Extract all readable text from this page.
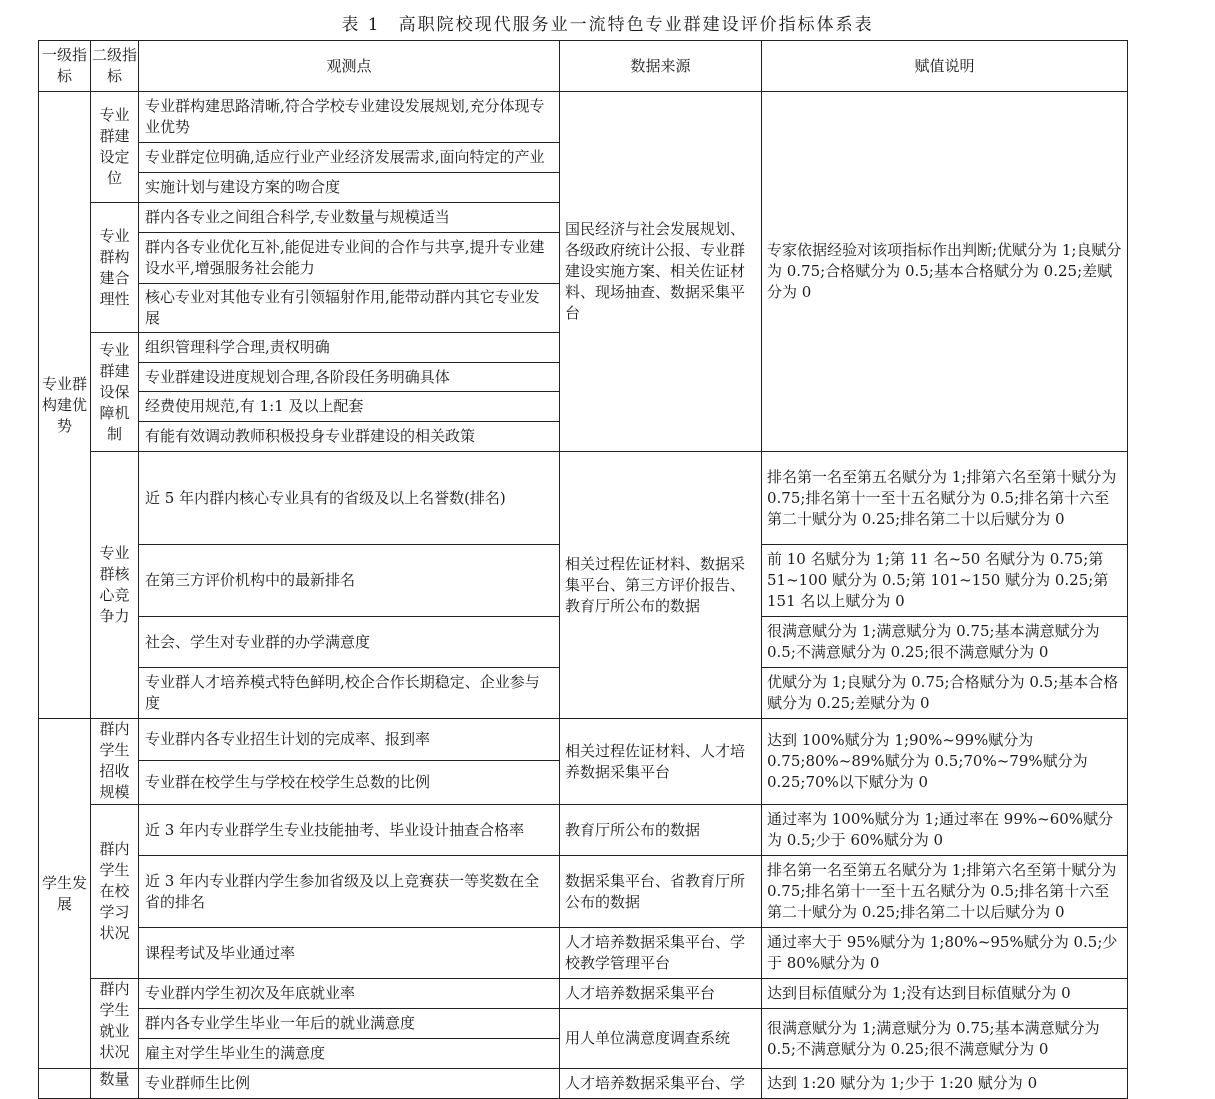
表 1 高职院校现代服务业一流特色专业群建设评价指标体系表
一级指标	二级指标	观测点	数据来源	赋值说明
专业群构建优势	专业群建设定位	专业群构建思路清晰,符合学校专业建设发展规划,充分体现专业优势	国民经济与社会发展规划、各级政府统计公报、专业群建设实施方案、相关佐证材料、现场抽查、数据采集平台	专家依据经验对该项指标作出判断;优赋分为 1;良赋分为 0.75;合格赋分为 0.5;基本合格赋分为 0.25;差赋分为 0
		专业群定位明确,适应行业产业经济发展需求,面向特定的产业		
		实施计划与建设方案的吻合度		
	专业群构建合理性	群内各专业之间组合科学,专业数量与规模适当		
		群内各专业优化互补,能促进专业间的合作与共享,提升专业建设水平,增强服务社会能力		
		核心专业对其他专业有引领辐射作用,能带动群内其它专业发展		
	专业群建设保障机制	组织管理科学合理,责权明确		
		专业群建设进度规划合理,各阶段任务明确具体		
		经费使用规范,有 1:1 及以上配套		
		有能有效调动教师积极投身专业群建设的相关政策		
	专业群核心竞争力	近 5 年内群内核心专业具有的省级及以上名誉数(排名)	相关过程佐证材料、数据采集平台、第三方评价报告、教育厅所公布的数据	排名第一名至第五名赋分为 1;排第六名至第十赋分为 0.75;排名第十一至十五名赋分为 0.5;排名第十六至第二十赋分为 0.25;排名第二十以后赋分为 0
		在第三方评价机构中的最新排名		前 10 名赋分为 1;第 11 名~50 名赋分为 0.75;第 51~100 赋分为 0.5;第 101~150 赋分为 0.25;第 151 名以上赋分为 0
		社会、学生对专业群的办学满意度		很满意赋分为 1;满意赋分为 0.75;基本满意赋分为 0.5;不满意赋分为 0.25;很不满意赋分为 0
		专业群人才培养模式特色鲜明,校企合作长期稳定、企业参与度		优赋分为 1;良赋分为 0.75;合格赋分为 0.5;基本合格赋分为 0.25;差赋分为 0
学生发展	群内学生招收规模	专业群内各专业招生计划的完成率、报到率	相关过程佐证材料、人才培养数据采集平台	达到 100%赋分为 1;90%~99%赋分为 0.75;80%~89%赋分为 0.5;70%~79%赋分为 0.25;70%以下赋分为 0
		专业群在校学生与学校在校学生总数的比例		
	群内学生在校学习状况	近 3 年内专业群学生专业技能抽考、毕业设计抽查合格率	教育厅所公布的数据	通过率为 100%赋分为 1;通过率在 99%~60%赋分为 0.5;少于 60%赋分为 0
		近 3 年内专业群内学生参加省级及以上竞赛获一等奖数在全省的排名	数据采集平台、省教育厅所公布的数据	排名第一名至第五名赋分为 1;排第六名至第十赋分为 0.75;排名第十一至十五名赋分为 0.5;排名第十六至第二十赋分为 0.25;排名第二十以后赋分为 0
		课程考试及毕业通过率	人才培养数据采集平台、学校教学管理平台	通过率大于 95%赋分为 1;80%~95%赋分为 0.5;少于 80%赋分为 0
	群内学生就业状况	专业群内学生初次及年底就业率	人才培养数据采集平台	达到目标值赋分为 1;没有达到目标值赋分为 0
		群内各专业学生毕业一年后的就业满意度	用人单位满意度调查系统	很满意赋分为 1;满意赋分为 0.75;基本满意赋分为 0.5;不满意赋分为 0.25;很不满意赋分为 0
		雇主对学生毕业生的满意度		
	数量	专业群师生比例	人才培养数据采集平台、学	达到 1:20 赋分为 1;少于 1:20 赋分为 0
